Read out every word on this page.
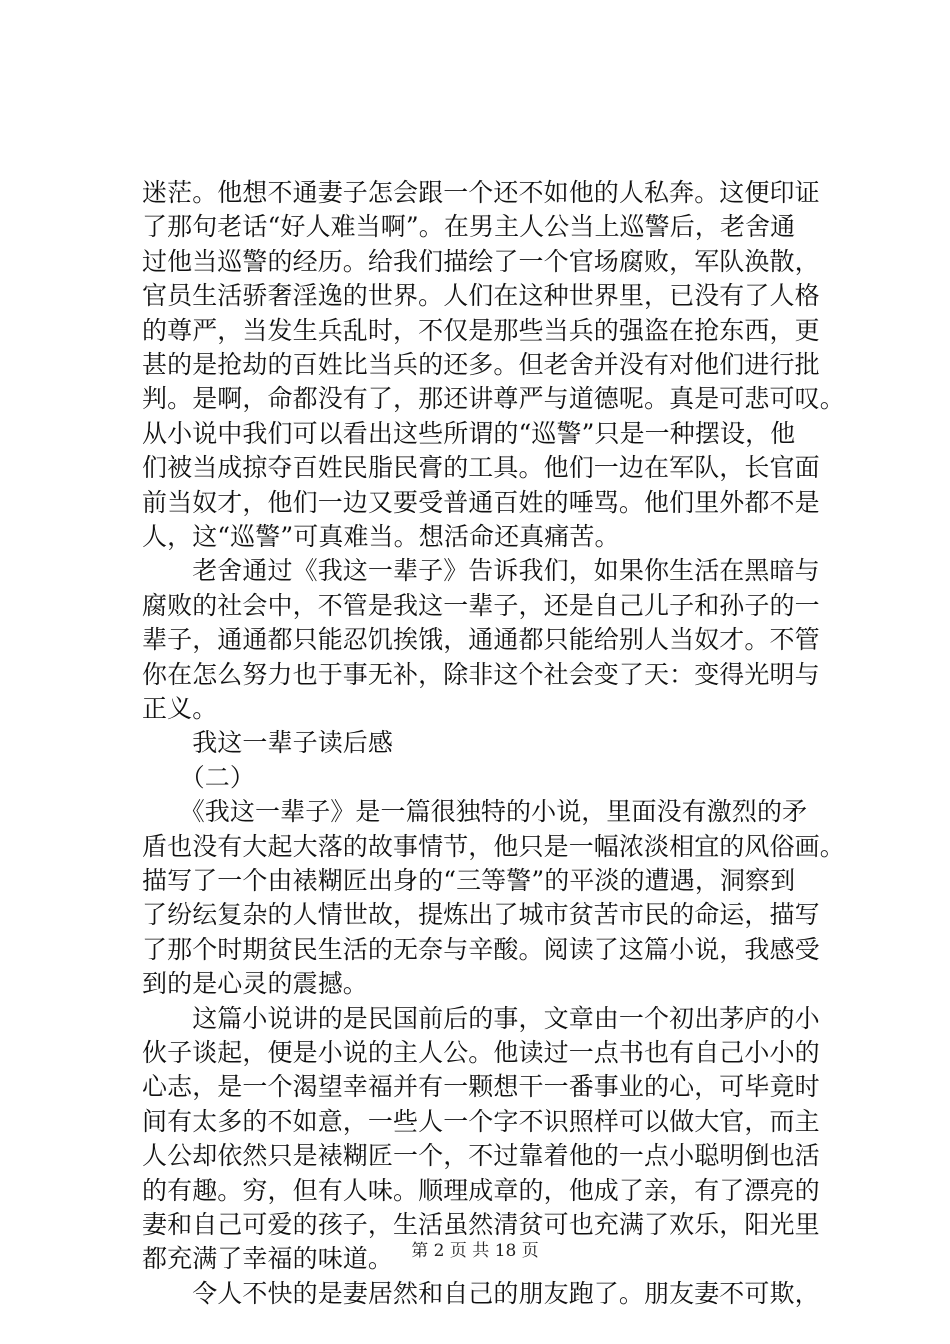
迷茫。他想不通妻子怎会跟一个还不如他的人私奔。这便印证
了那句老话“好人难当啊”。在男主人公当上巡警后，老舍通
过他当巡警的经历。给我们描绘了一个官场腐败，军队涣散，
官员生活骄奢淫逸的世界。人们在这种世界里，已没有了人格
的尊严，当发生兵乱时，不仅是那些当兵的强盗在抢东西，更
甚的是抢劫的百姓比当兵的还多。但老舍并没有对他们进行批
判。是啊，命都没有了，那还讲尊严与道德呢。真是可悲可叹。
从小说中我们可以看出这些所谓的“巡警”只是一种摆设，他
们被当成掠夺百姓民脂民膏的工具。他们一边在军队，长官面
前当奴才，他们一边又要受普通百姓的唾骂。他们里外都不是
人，这“巡警”可真难当。想活命还真痛苦。
　　老舍通过《我这一辈子》告诉我们，如果你生活在黑暗与
腐败的社会中，不管是我这一辈子，还是自己儿子和孙子的一
辈子，通通都只能忍饥挨饿，通通都只能给别人当奴才。不管
你在怎么努力也于事无补，除非这个社会变了天：变得光明与
正义。
　　我这一辈子读后感
　　（二）
　　《我这一辈子》是一篇很独特的小说，里面没有激烈的矛
盾也没有大起大落的故事情节，他只是一幅浓淡相宜的风俗画。
描写了一个由裱糊匠出身的“三等警”的平淡的遭遇，洞察到
了纷纭复杂的人情世故，提炼出了城市贫苦市民的命运，描写
了那个时期贫民生活的无奈与辛酸。阅读了这篇小说，我感受
到的是心灵的震撼。
　　这篇小说讲的是民国前后的事，文章由一个初出茅庐的小
伙子谈起，便是小说的主人公。他读过一点书也有自己小小的
心志，是一个渴望幸福并有一颗想干一番事业的心，可毕竟时
间有太多的不如意，一些人一个字不识照样可以做大官，而主
人公却依然只是裱糊匠一个，不过靠着他的一点小聪明倒也活
的有趣。穷，但有人味。顺理成章的，他成了亲，有了漂亮的
妻和自己可爱的孩子，生活虽然清贫可也充满了欢乐，阳光里
都充满了幸福的味道。
　　令人不快的是妻居然和自己的朋友跑了。朋友妻不可欺，
第 2 页 共 18 页
